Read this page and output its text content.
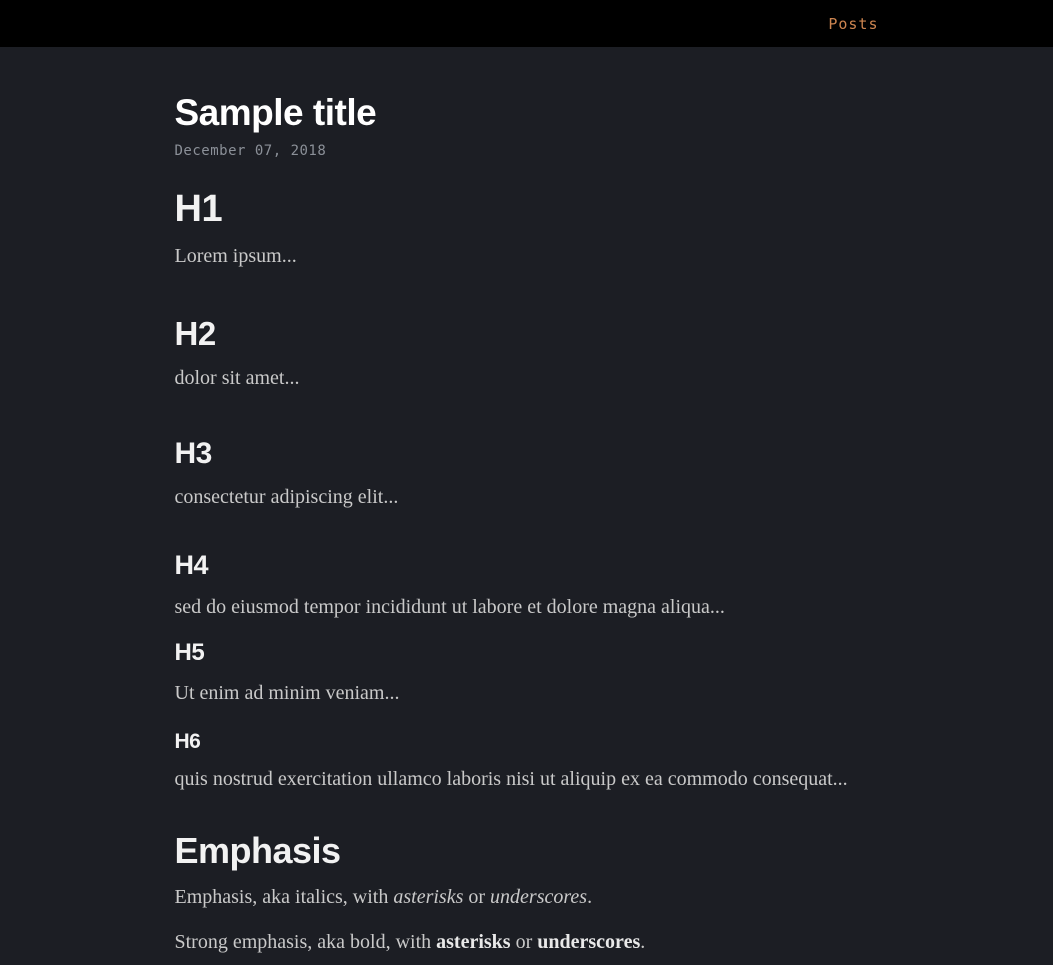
Posts
Sample title

December 07, 2018

H1

Lorem ipsum...

H2

dolor sit amet...

H3

consectetur adipiscing elit...

H4

sed do eiusmod tempor incididunt ut labore et dolore magna aliqua...

H5

Ut enim ad minim veniam...

H6

quis nostrud exercitation ullamco laboris nisi ut aliquip ex ea commodo consequat...

Emphasis

Emphasis, aka italics, with asterisks or underscores.

Strong emphasis, aka bold, with asterisks or underscores.
